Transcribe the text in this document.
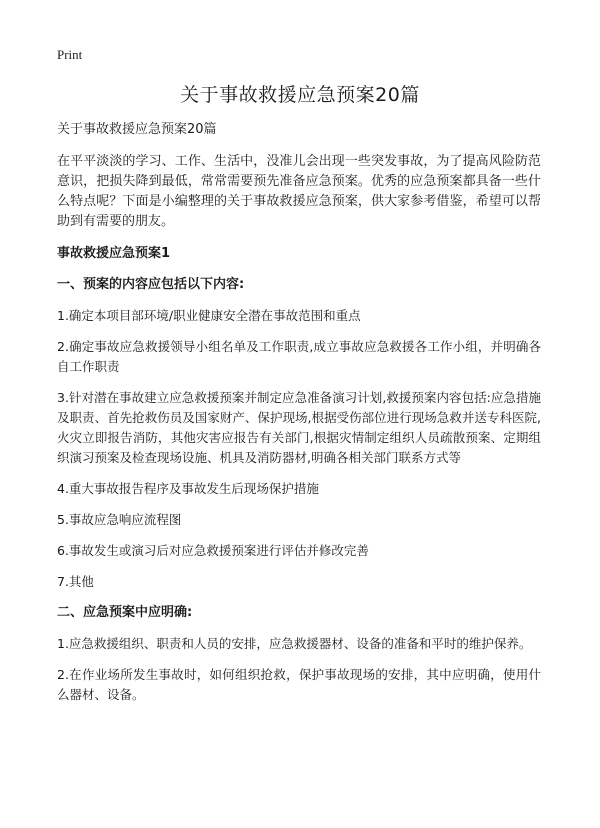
Print
关于事故救援应急预案20篇

关于事故救援应急预案20篇

在平平淡淡的学习、工作、生活中，没准儿会出现一些突发事故，为了提高风险防范意识，把损失降到最低，常常需要预先准备应急预案。优秀的应急预案都具备一些什么特点呢？下面是小编整理的关于事故救援应急预案，供大家参考借鉴，希望可以帮助到有需要的朋友。

事故救援应急预案1

一、预案的内容应包括以下内容:

1.确定本项目部环境/职业健康安全潜在事故范围和重点

2.确定事故应急救援领导小组名单及工作职责,成立事故应急救援各工作小组，并明确各自工作职责

3.针对潜在事故建立应急救援预案并制定应急准备演习计划,救援预案内容包括:应急措施及职责、首先抢救伤员及国家财产、保护现场,根据受伤部位进行现场急救并送专科医院,火灾立即报告消防，其他灾害应报告有关部门,根据灾情制定组织人员疏散预案、定期组织演习预案及检查现场设施、机具及消防器材,明确各相关部门联系方式等

4.重大事故报告程序及事故发生后现场保护措施

5.事故应急响应流程图

6.事故发生或演习后对应急救援预案进行评估并修改完善

7.其他

二、应急预案中应明确:

1.应急救援组织、职责和人员的安排，应急救援器材、设备的准备和平时的维护保养。

2.在作业场所发生事故时，如何组织抢救，保护事故现场的安排，其中应明确，使用什么器材、设备。
